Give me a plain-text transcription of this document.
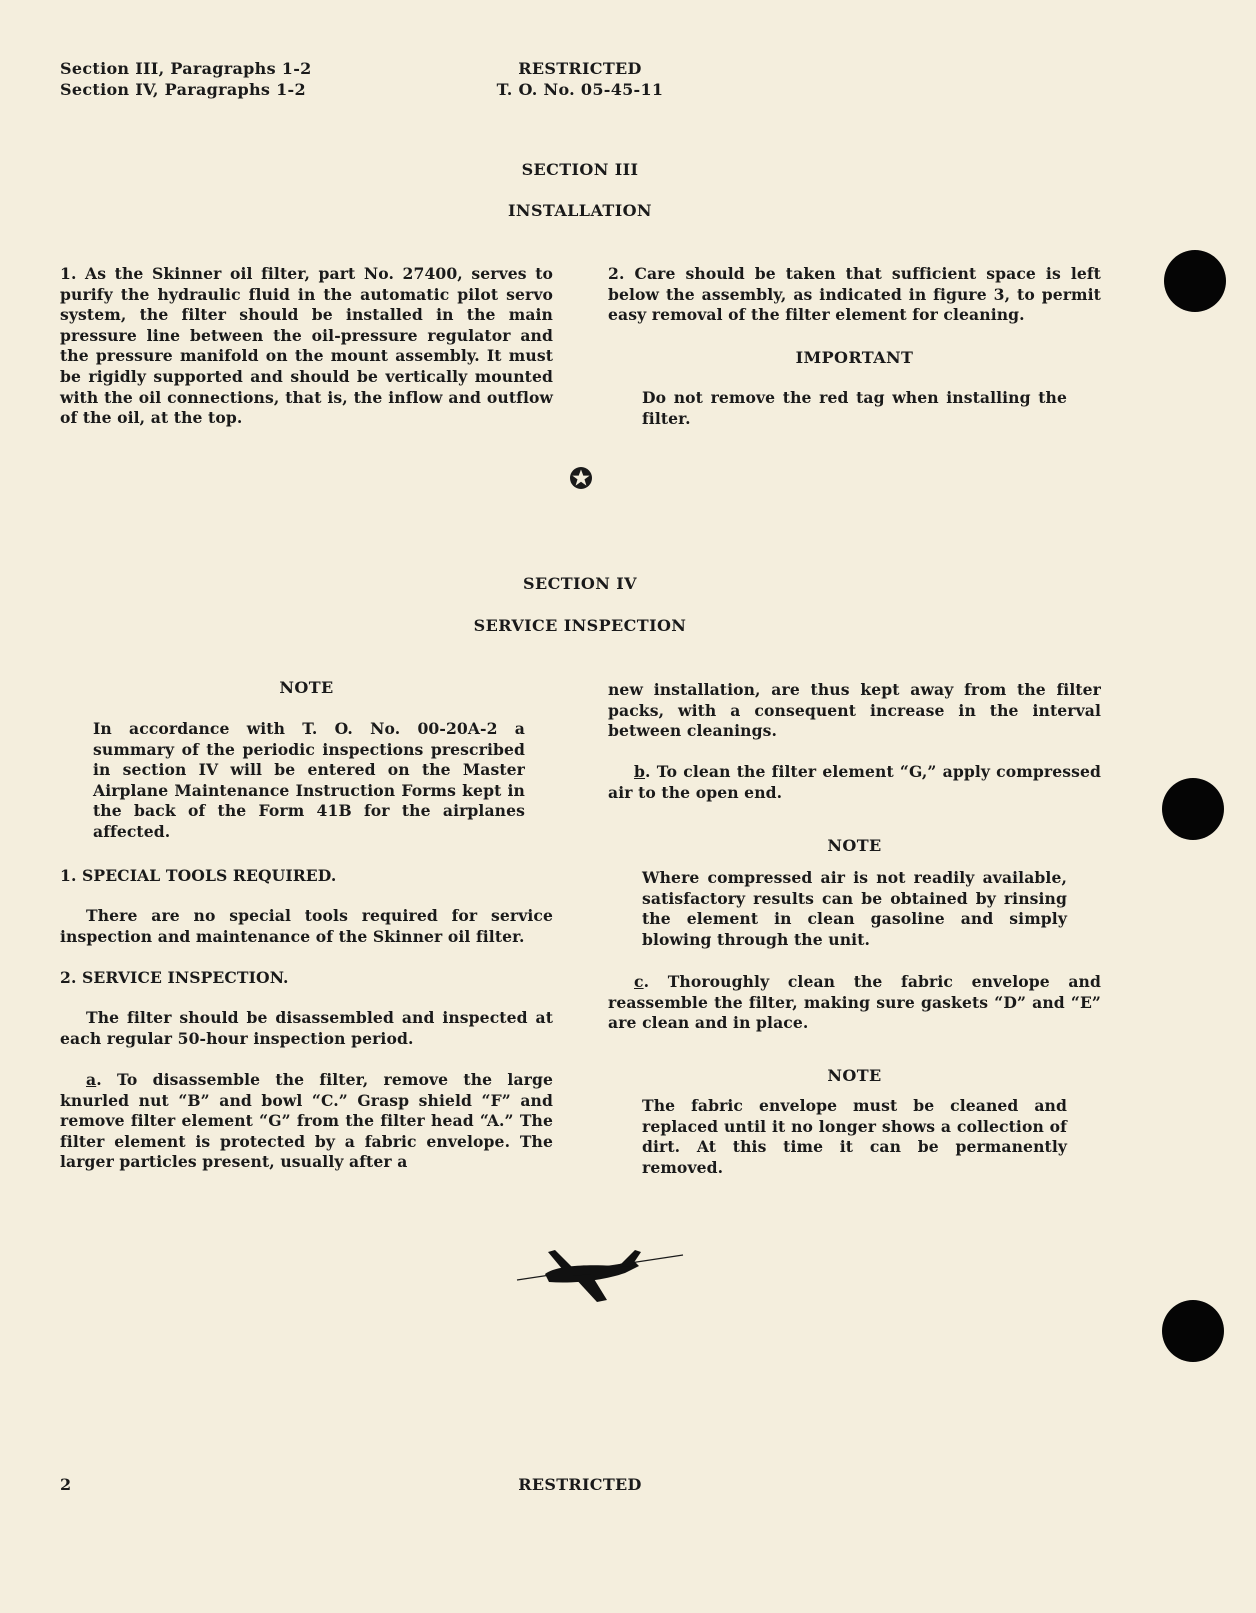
Section III, Paragraphs 1-2
Section IV, Paragraphs 1-2
RESTRICTED
T. O. No. 05-45-11
SECTION III
INSTALLATION

1. As the Skinner oil filter, part No. 27400, serves to purify the hydraulic fluid in the automatic pilot servo system, the filter should be installed in the main pressure line between the oil-pressure regulator and the pressure manifold on the mount assembly. It must be rigidly supported and should be vertically mounted with the oil connections, that is, the inflow and outflow of the oil, at the top.

2. Care should be taken that sufficient space is left below the assembly, as indicated in figure 3, to permit easy removal of the filter element for cleaning.

IMPORTANT

Do not remove the red tag when installing the filter.

SECTION IV
SERVICE INSPECTION
NOTE

In accordance with T. O. No. 00-20A-2 a summary of the periodic inspections prescribed in section IV will be entered on the Master Airplane Maintenance Instruction Forms kept in the back of the Form 41B for the airplanes affected.

1. SPECIAL TOOLS REQUIRED.

There are no special tools required for service inspection and maintenance of the Skinner oil filter.

2. SERVICE INSPECTION.

The filter should be disassembled and inspected at each regular 50-hour inspection period.

a. To disassemble the filter, remove the large knurled nut “B” and bowl “C.” Grasp shield “F” and remove filter element “G” from the filter head “A.” The filter element is protected by a fabric envelope. The larger particles present, usually after a

new installation, are thus kept away from the filter packs, with a consequent increase in the interval between cleanings.

b. To clean the filter element “G,” apply compressed air to the open end.

NOTE

Where compressed air is not readily available, satisfactory results can be obtained by rinsing the element in clean gasoline and simply blowing through the unit.

c. Thoroughly clean the fabric envelope and reassemble the filter, making sure gaskets “D” and “E” are clean and in place.

NOTE

The fabric envelope must be cleaned and replaced until it no longer shows a collection of dirt. At this time it can be permanently removed.

2	RESTRICTED
